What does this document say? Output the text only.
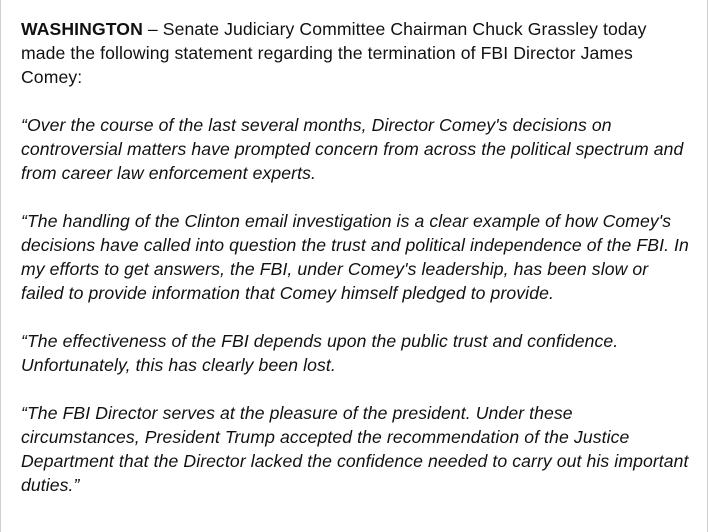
WASHINGTON – Senate Judiciary Committee Chairman Chuck Grassley today made the following statement regarding the termination of FBI Director James Comey:

“Over the course of the last several months, Director Comey's decisions on controversial matters have prompted concern from across the political spectrum and from career law enforcement experts.

“The handling of the Clinton email investigation is a clear example of how Comey's decisions have called into question the trust and political independence of the FBI. In my efforts to get answers, the FBI, under Comey's leadership, has been slow or failed to provide information that Comey himself pledged to provide.

“The effectiveness of the FBI depends upon the public trust and confidence. Unfortunately, this has clearly been lost.

“The FBI Director serves at the pleasure of the president. Under these circumstances, President Trump accepted the recommendation of the Justice Department that the Director lacked the confidence needed to carry out his important duties.”
